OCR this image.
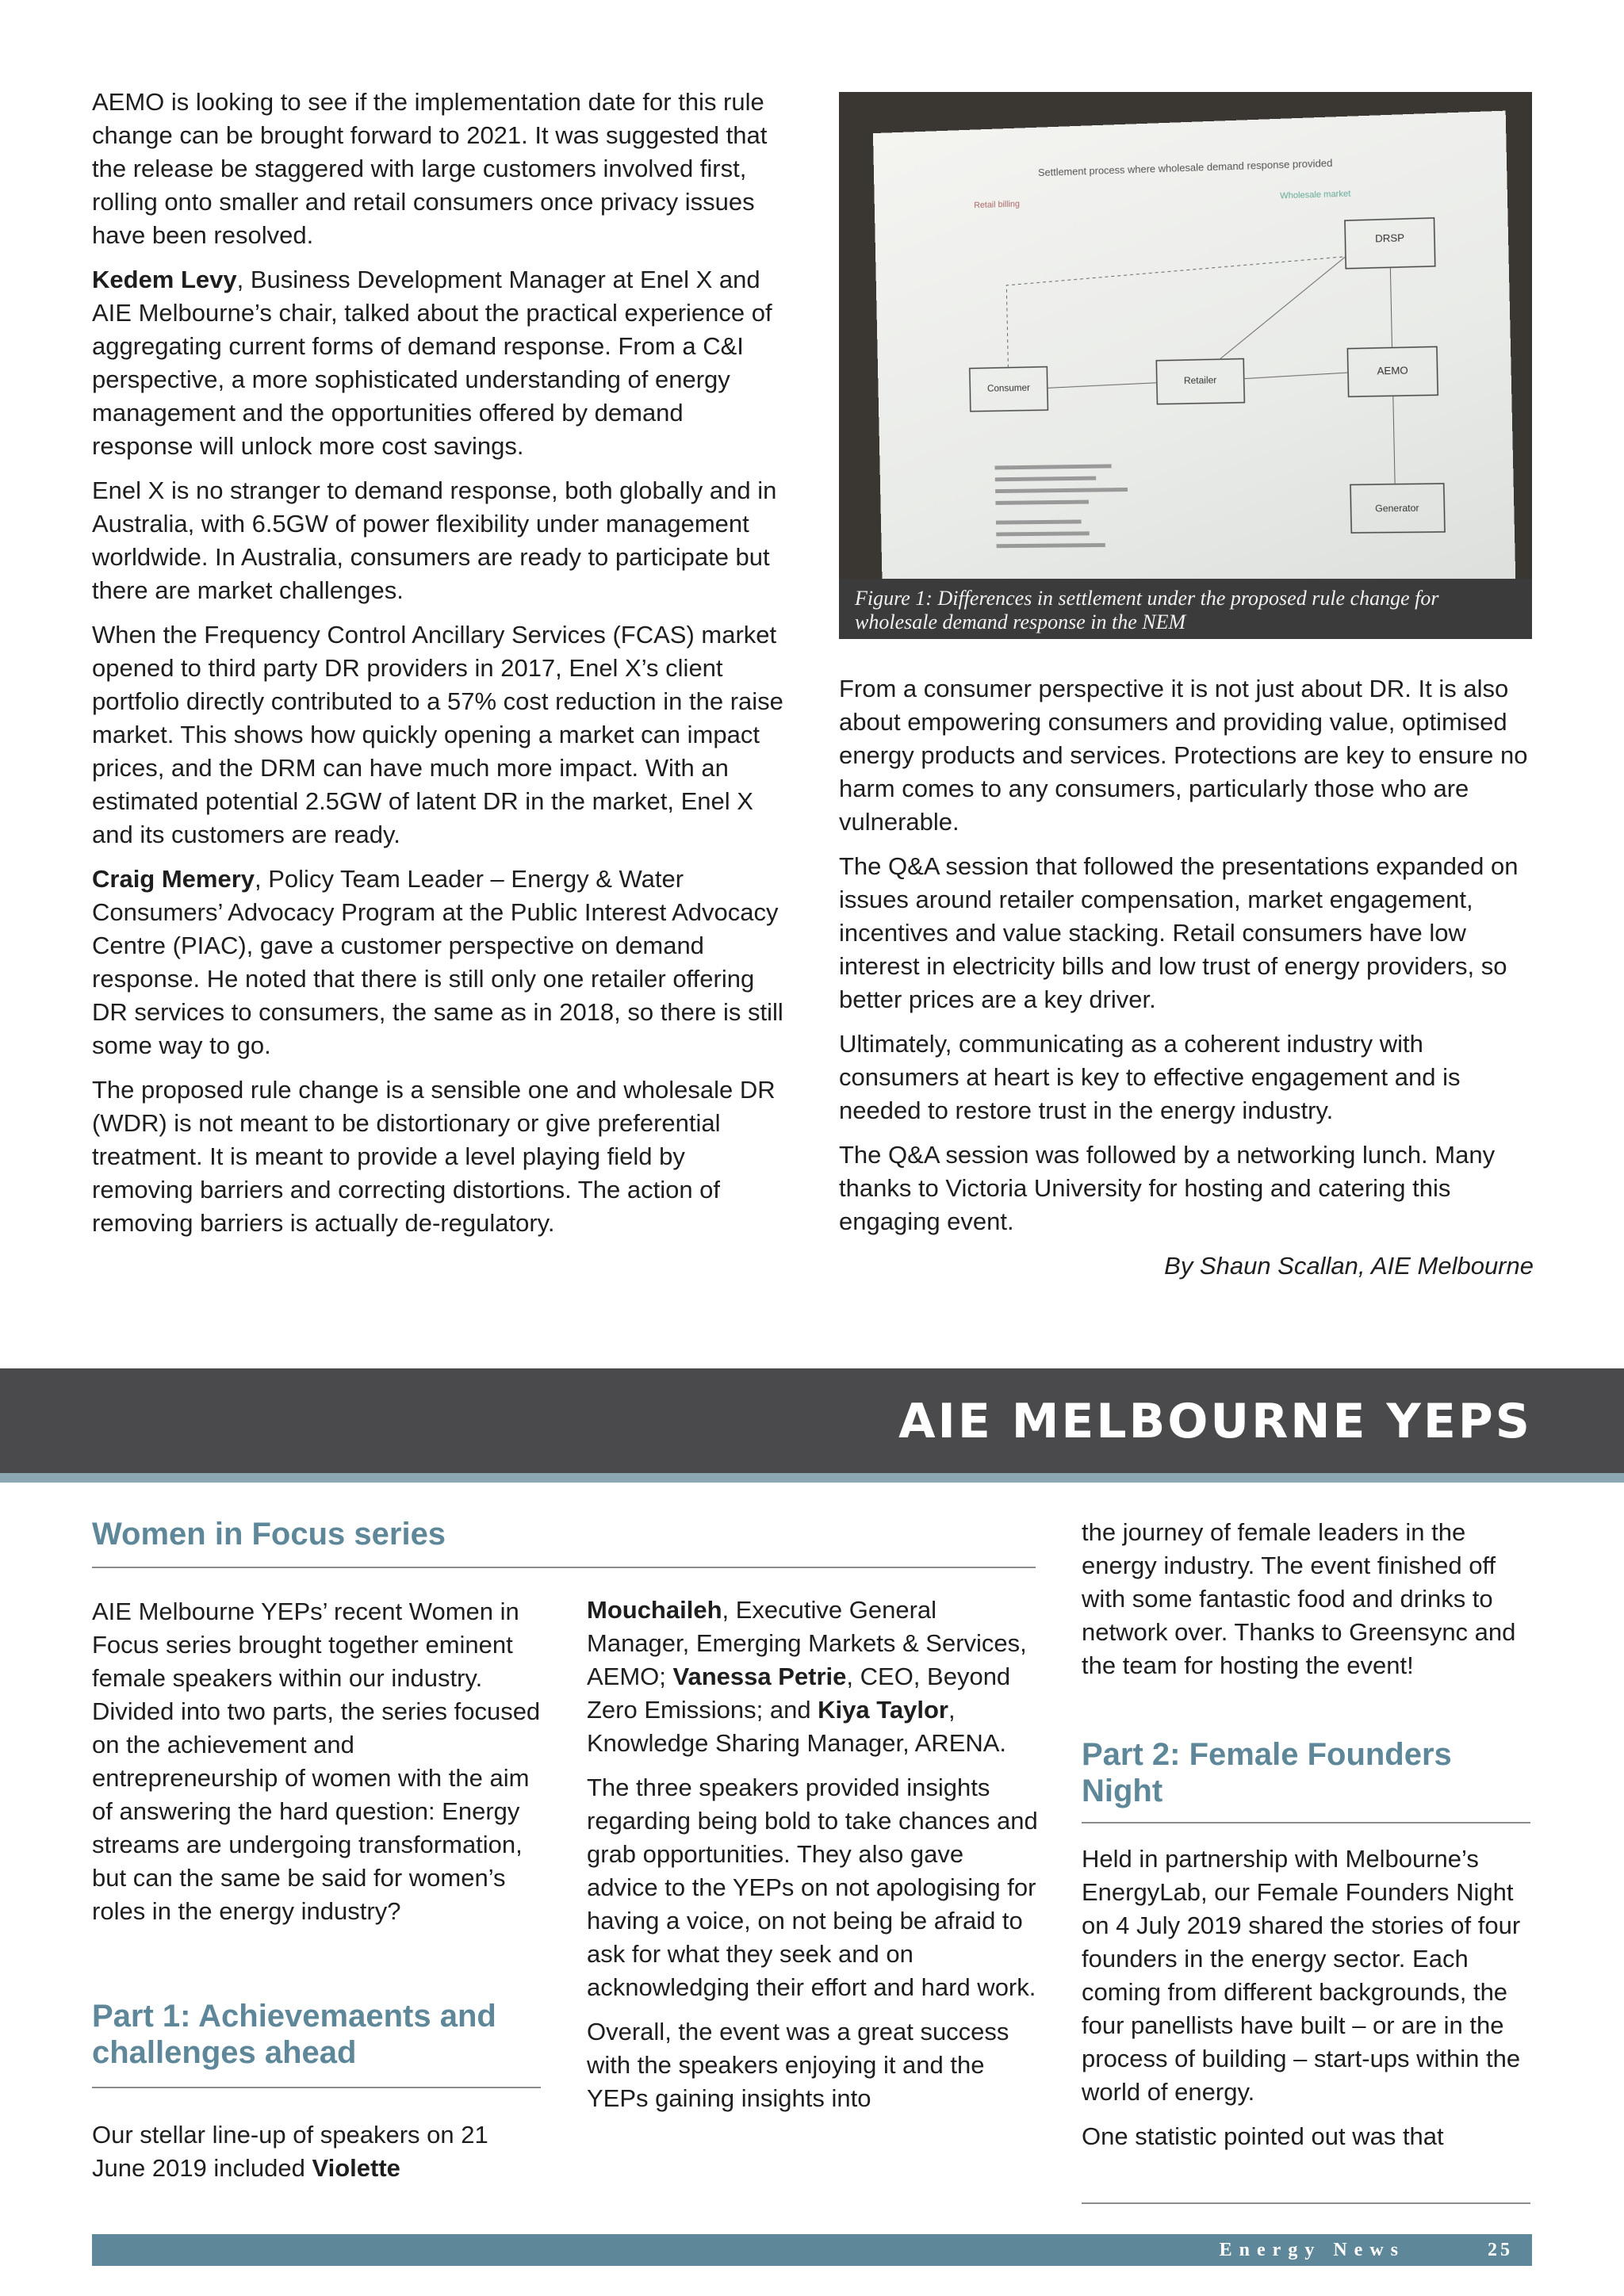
AEMO is looking to see if the implementation date for this rule change can be brought forward to 2021. It was suggested that the release be staggered with large customers involved first, rolling onto smaller and retail consumers once privacy issues have been resolved.

Kedem Levy, Business Development Manager at Enel X and AIE Melbourne’s chair, talked about the practical experience of aggregating current forms of demand response. From a C&I perspective, a more sophisticated understanding of energy management and the opportunities offered by demand response will unlock more cost savings.

Enel X is no stranger to demand response, both globally and in Australia, with 6.5GW of power flexibility under management worldwide. In Australia, consumers are ready to participate but there are market challenges.

When the Frequency Control Ancillary Services (FCAS) market opened to third party DR providers in 2017, Enel X’s client portfolio directly contributed to a 57% cost reduction in the raise market. This shows how quickly opening a market can impact prices, and the DRM can have much more impact. With an estimated potential 2.5GW of latent DR in the market, Enel X and its customers are ready.

Craig Memery, Policy Team Leader – Energy & Water Consumers’ Advocacy Program at the Public Interest Advocacy Centre (PIAC), gave a customer perspective on demand response. He noted that there is still only one retailer offering DR services to consumers, the same as in 2018, so there is still some way to go.

The proposed rule change is a sensible one and wholesale DR (WDR) is not meant to be distortionary or give preferential treatment. It is meant to provide a level playing field by removing barriers and correcting distortions. The action of removing barriers is actually de-regulatory.

Settlement process where wholesale demand response provided
Retail billing
Wholesale market
DRSP
Consumer
Retailer
AEMO
Generator
Figure 1: Differences in settlement under the proposed rule change for wholesale demand response in the NEM

From a consumer perspective it is not just about DR. It is also about empowering consumers and providing value, optimised energy products and services. Protections are key to ensure no harm comes to any consumers, particularly those who are vulnerable.

The Q&A session that followed the presentations expanded on issues around retailer compensation, market engagement, incentives and value stacking. Retail consumers have low interest in electricity bills and low trust of energy providers, so better prices are a key driver.

Ultimately, communicating as a coherent industry with consumers at heart is key to effective engagement and is needed to restore trust in the energy industry.

The Q&A session was followed by a networking lunch. Many thanks to Victoria University for hosting and catering this engaging event.

By Shaun Scallan, AIE Melbourne
AIE MELBOURNE YEPS
Women in Focus series

AIE Melbourne YEPs’ recent Women in Focus series brought together eminent female speakers within our industry. Divided into two parts, the series focused on the achievement and entrepreneurship of women with the aim of answering the hard question: Energy streams are undergoing transformation, but can the same be said for women’s roles in the energy industry?

Part 1: Achievemaents and challenges ahead

Our stellar line-up of speakers on 21 June 2019 included Violette

Mouchaileh, Executive General Manager, Emerging Markets & Services, AEMO; Vanessa Petrie, CEO, Beyond Zero Emissions; and Kiya Taylor, Knowledge Sharing Manager, ARENA.

The three speakers provided insights regarding being bold to take chances and grab opportunities. They also gave advice to the YEPs on not apologising for having a voice, on not being be afraid to ask for what they seek and on acknowledging their effort and hard work.

Overall, the event was a great success with the speakers enjoying it and the YEPs gaining insights into

the journey of female leaders in the energy industry. The event finished off with some fantastic food and drinks to network over. Thanks to Greensync and the team for hosting the event!

Part 2: Female Founders Night

Held in partnership with Melbourne’s EnergyLab, our Female Founders Night on 4 July 2019 shared the stories of four founders in the energy sector. Each coming from different backgrounds, the four panellists have built – or are in the process of building – start-ups within the world of energy.

One statistic pointed out was that

Energy News	25
